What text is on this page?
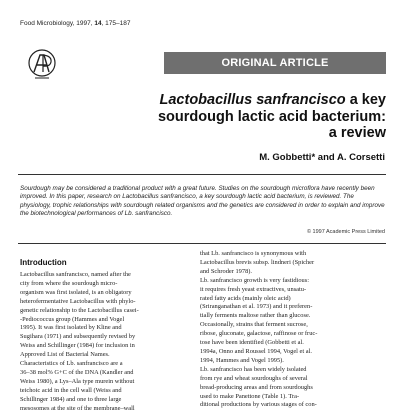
Food Microbiology, 1997, 14, 175–187
ORIGINAL ARTICLE
Lactobacillus sanfrancisco a key
sourdough lactic acid bacterium:
a review
M. Gobbetti* and A. Corsetti
Sourdough may be considered a traditional product with a great future. Studies on the sourdough microflora have recently been improved. In this paper, research on Lactobacillus sanfrancisco, a key sourdough lactic acid bacterium, is reviewed. The physiology, trophic relationships with sourdough related organisms and the genetics are considered in order to explain and improve the biotechnological performances of Lb. sanfrancisco.
© 1997 Academic Press Limited
Introduction
Lactobacillus sanfrancisco, named after the
city from where the sourdough micro-
organism was first isolated, is an obligatory
heterofermentative Lactobacillus with phylo-
genetic relationship to the Lactobacillus casei-
-Pediococcus group (Hammes and Vogel
1995). It was first isolated by Kline and
Sugihara (1971) and subsequently revised by
Weiss and Schillinger (1984) for inclusion in
Approved List of Bacterial Names.
Characteristics of Lb. sanfrancisco are a
36–38 mol% G+C of the DNA (Kandler and
Weiss 1980), a Lys–Ala type murein without
teichoic acid in the cell wall (Weiss and
Schillinger 1984) and one to three large
mesosomes at the site of the membrane–wall
that Lb. sanfrancisco is synonymous with
Lactobacillus brevis subsp. lindneri (Spicher
and Schroder 1978).
Lb. sanfrancisco growth is very fastidious:
it requires fresh yeast extractives, unsatu-
rated fatty acids (mainly oleic acid)
(Sriranganathan et al. 1973) and it preferen-
tially ferments maltose rather than glucose.
Occasionally, strains that ferment sucrose,
ribose, gluconate, galactose, raffinose or fruc-
tose have been identified (Gobbetti et al.
1994a, Onno and Roussel 1994, Vogel et al.
1994, Hammes and Vogel 1995).
Lb. sanfrancisco has been widely isolated
from rye and wheat sourdoughs of several
bread-producing areas and from sourdoughs
used to make Panettone (Table 1). Tra-
ditional productions by various stages of con-
